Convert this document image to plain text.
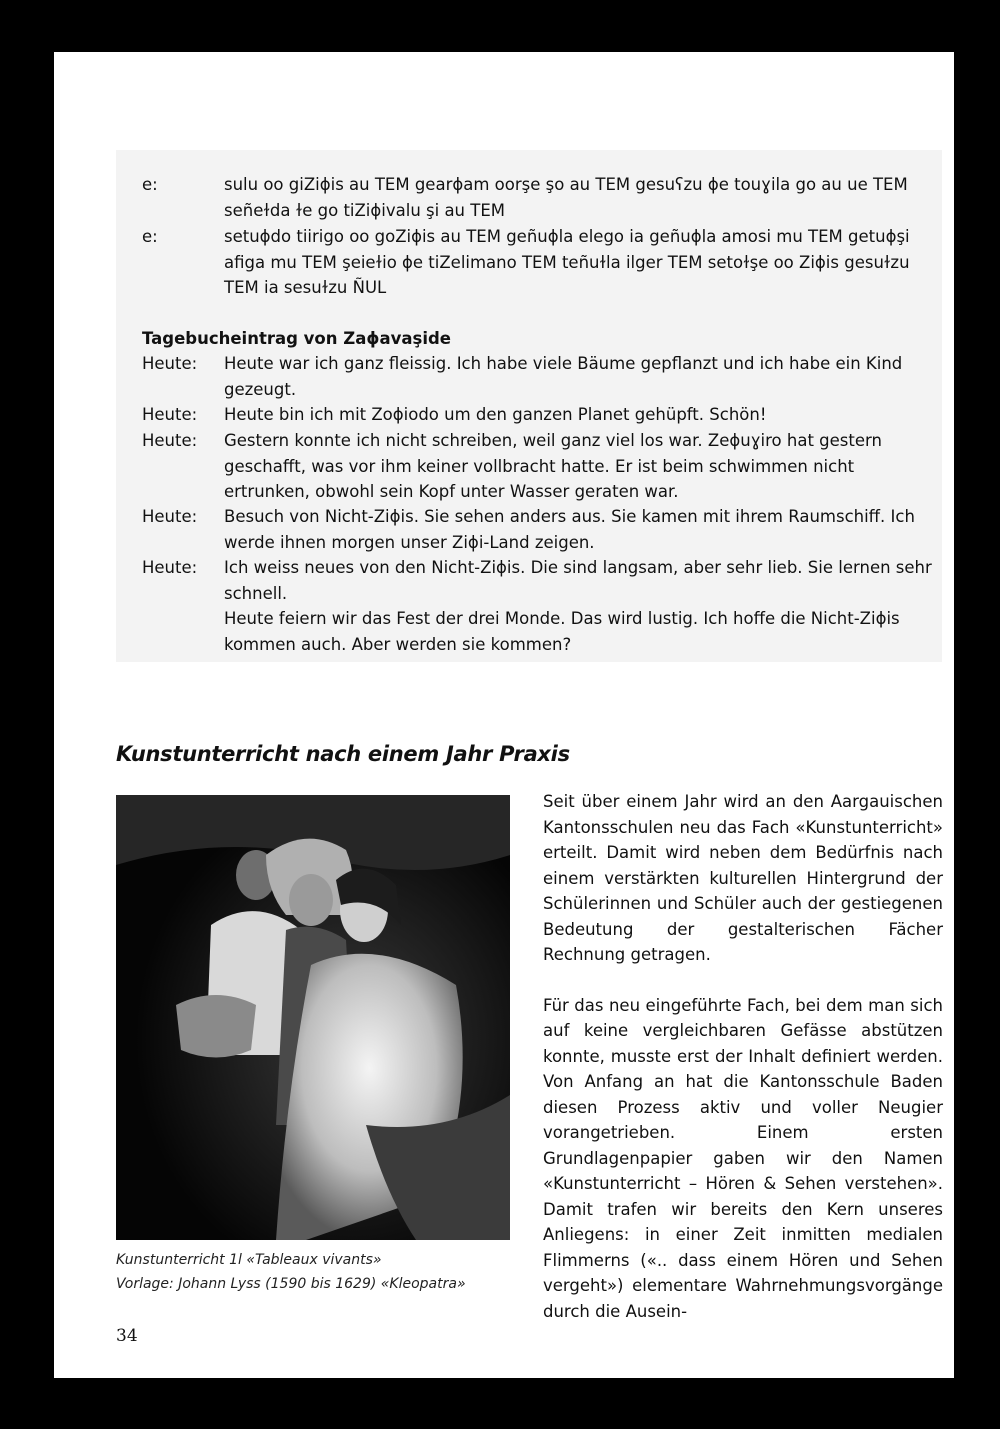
e:	sulu oo giZiɸis au TEM gearɸam oorşe şo au TEM gesuʕzu ɸe touɣila go au ue TEM señeɫda ɫe go tiZiɸivalu şi au TEM
e:	setuɸdo tiirigo oo goZiɸis au TEM geñuɸla elego ia geñuɸla amosi mu TEM getuɸşi afiga mu TEM şeieɫio ɸe tiZelimano TEM teñuɫla ilger TEM setoɫşe oo Ziɸis gesuɫzu TEM ia sesuɫzu ÑUL
Tagebucheintrag von Zaɸavaşide
Heute:	Heute war ich ganz fleissig. Ich habe viele Bäume gepflanzt und ich habe ein Kind gezeugt.
Heute:	Heute bin ich mit Zoɸiodo um den ganzen Planet gehüpft. Schön!
Heute:	Gestern konnte ich nicht schreiben, weil ganz viel los war. Zeɸuɣiro hat gestern geschafft, was vor ihm keiner vollbracht hatte. Er ist beim schwimmen nicht ertrunken, obwohl sein Kopf unter Wasser geraten war.
Heute:	Besuch von Nicht-Ziɸis. Sie sehen anders aus. Sie kamen mit ihrem Raumschiff. Ich werde ihnen morgen unser Ziɸi-Land zeigen.
Heute:	Ich weiss neues von den Nicht-Ziɸis. Die sind langsam, aber sehr lieb. Sie lernen sehr schnell.
Heute feiern wir das Fest der drei Monde. Das wird lustig. Ich hoffe die Nicht-Ziɸis kommen auch. Aber werden sie kommen?
Kunstunterricht nach einem Jahr Praxis
Kunstunterricht 1l «Tableaux vivants»
Vorlage: Johann Lyss (1590 bis 1629) «Kleopatra»

Seit über einem Jahr wird an den Aargauischen Kantonsschulen neu das Fach «Kunstunterricht» erteilt. Damit wird neben dem Bedürfnis nach einem verstärkten kulturellen Hintergrund der Schülerinnen und Schüler auch der gestiegenen Bedeutung der gestalterischen Fächer Rechnung getragen.

Für das neu eingeführte Fach, bei dem man sich auf keine vergleichbaren Gefässe abstützen konnte, musste erst der Inhalt definiert werden. Von Anfang an hat die Kantonsschule Baden diesen Prozess aktiv und voller Neugier vorangetrieben. Einem ersten Grundlagenpapier gaben wir den Namen «Kunstunterricht – Hören & Sehen verstehen». Damit trafen wir bereits den Kern unseres Anliegens: in einer Zeit inmitten medialen Flimmerns («.. dass einem Hören und Sehen vergeht») elementare Wahrnehmungsvorgänge durch die Ausein-

34
